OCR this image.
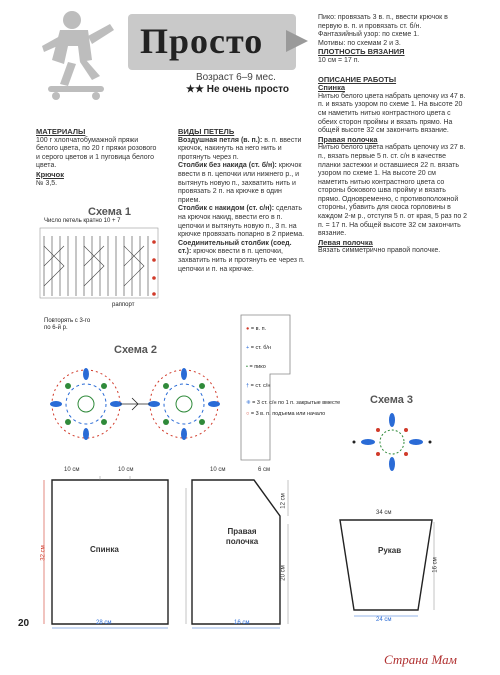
Просто
Возраст 6–9 мес.
★★ Не очень просто
МАТЕРИАЛЫ
100 г хлопчатобумажной пряжи белого цвета, по 20 г пряжи розового и серого цветов и 1 пуговица белого цвета.
Крючок
№ 3,5.
ВИДЫ ПЕТЕЛЬ
Воздушная петля (в. п.): в. п. ввести крючок, накинуть на него нить и протянуть через п.
Столбик без накида (ст. б/н): крючок ввести в п. цепочки или нижнего р., и вытянуть новую п., захватить нить и провязать 2 п. на крючке в один прием.
Столбик с накидом (ст. с/н): сделать на крючок накид, ввести его в п. цепочки и вытянуть новую п., 3 п. на крючке провязать попарно в 2 приема.
Соединительный столбик (соед. ст.): крючок ввести в п. цепочки, захватить нить и протянуть ее через п. цепочки и п. на крючке.
Пико: провязать 3 в. п., ввести крючок в первую в. п. и провязать ст. б/н.
Фантазийный узор: по схеме 1.
Мотивы: по схемам 2 и 3.
ПЛОТНОСТЬ ВЯЗАНИЯ
10 см = 17 п.
ОПИСАНИЕ РАБОТЫ
Спинка
Нитью белого цвета набрать цепочку из 47 в. п. и вязать узором по схеме 1. На высоте 20 см наметить нитью контрастного цвета с обеих сторон проймы и вязать прямо. На общей высоте 32 см закончить вязание.
Правая полочка
Нитью белого цвета набрать цепочку из 27 в. п., вязать первые 5 п. ст. с/н в качестве планки застежки и оставшиеся 22 п. вязать узором по схеме 1. На высоте 20 см наметить нитью контрастного цвета со стороны бокового шва пройму и вязать прямо. Одновременно, с противоположной стороны, убавить для скоса горловины в каждом 2-м р., отступя 5 п. от края, 5 раз по 2 п. = 17 п. На общей высоте 32 см закончить вязание.
Левая полочка
Вязать симметрично правой полочке.
Схема 1
Число петель кратно 10 + 7
раппорт
Повторять с 3-го по 6-й р.
Схема 2
● = в. п.
+ = ст. б/н
• = пико
† = ст. с/н
⁜ = 3 ст. с/н по 1 п. закрытые вместе
○ = 3 в. п. подъема или начало
Схема 3
10 см	10 см
Спинка
28 см
32 см
10 см	6 см
Правая полочка
16 см
12 см
20 см
34 см
Рукав
24 см
16 см
20
Страна Мам
